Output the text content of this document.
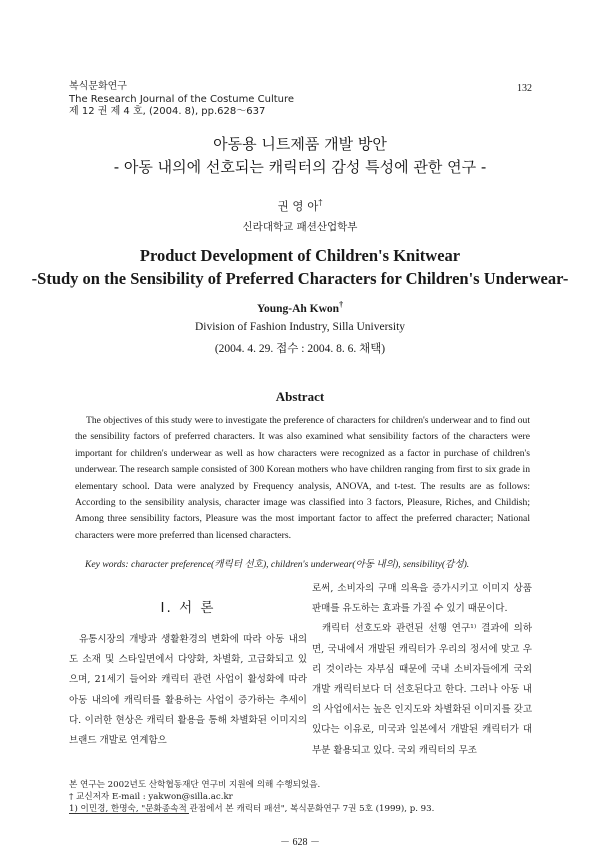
복식문화연구
The Research Journal of the Costume Culture
제 12 권 제 4 호, (2004. 8), pp.628～637
132
아동용 니트제품 개발 방안
- 아동 내의에 선호되는 캐릭터의 감성 특성에 관한 연구 -
권 영 아†
신라대학교 패션산업학부
Product Development of Children's Knitwear
-Study on the Sensibility of Preferred Characters for Children's Underwear-
Young-Ah Kwon†
Division of Fashion Industry, Silla University
(2004. 4. 29. 접수 : 2004. 8. 6. 채택)
Abstract
The objectives of this study were to investigate the preference of characters for children's underwear and to find out the sensibility factors of preferred characters. It was also examined what sensibility factors of the characters were important for children's underwear as well as how characters were recognized as a factor in purchase of children's underwear. The research sample consisted of 300 Korean mothers who have children ranging from first to six grade in elementary school. Data were analyzed by Frequency analysis, ANOVA, and t-test. The results are as follows: According to the sensibility analysis, character image was classified into 3 factors, Pleasure, Riches, and Childish; Among three sensibility factors, Pleasure was the most important factor to affect the preferred character; National characters were more preferred than licensed characters.
Key words: character preference(캐릭터 선호), children's underwear(아동 내의), sensibility(감성).
Ⅰ. 서 론

유통시장의 개방과 생활환경의 변화에 따라 아동 내의도 소재 및 스타일면에서 다양화, 차별화, 고급화되고 있으며, 21세기 들어와 캐릭터 관련 사업이 활성화에 따라 아동 내의에 캐릭터를 활용하는 사업이 증가하는 추세이다. 이러한 현상은 캐릭터 활용을 통해 차별화된 이미지의 브랜드 개발로 연계함으

로써, 소비자의 구매 의욕을 증가시키고 이미지 상품 판매를 유도하는 효과를 가질 수 있기 때문이다.

캐릭터 선호도와 관련된 선행 연구¹⁾ 결과에 의하면, 국내에서 개발된 캐릭터가 우리의 정서에 맞고 우리 것이라는 자부심 때문에 국내 소비자들에게 국외 개발 캐릭터보다 더 선호된다고 한다. 그러나 아동 내의 사업에서는 높은 인지도와 차별화된 이미지를 갖고 있다는 이유로, 미국과 일본에서 개발된 캐릭터가 대부분 활용되고 있다. 국외 캐릭터의 무조

본 연구는 2002년도 산학협동재단 연구비 지원에 의해 수행되었음.
† 교신저자 E-mail : yakwon@silla.ac.kr
1) 이민경, 한명숙, "문화종속적 관점에서 본 캐릭터 패션", 복식문화연구 7권 5호 (1999), p. 93.
－ 628 －
